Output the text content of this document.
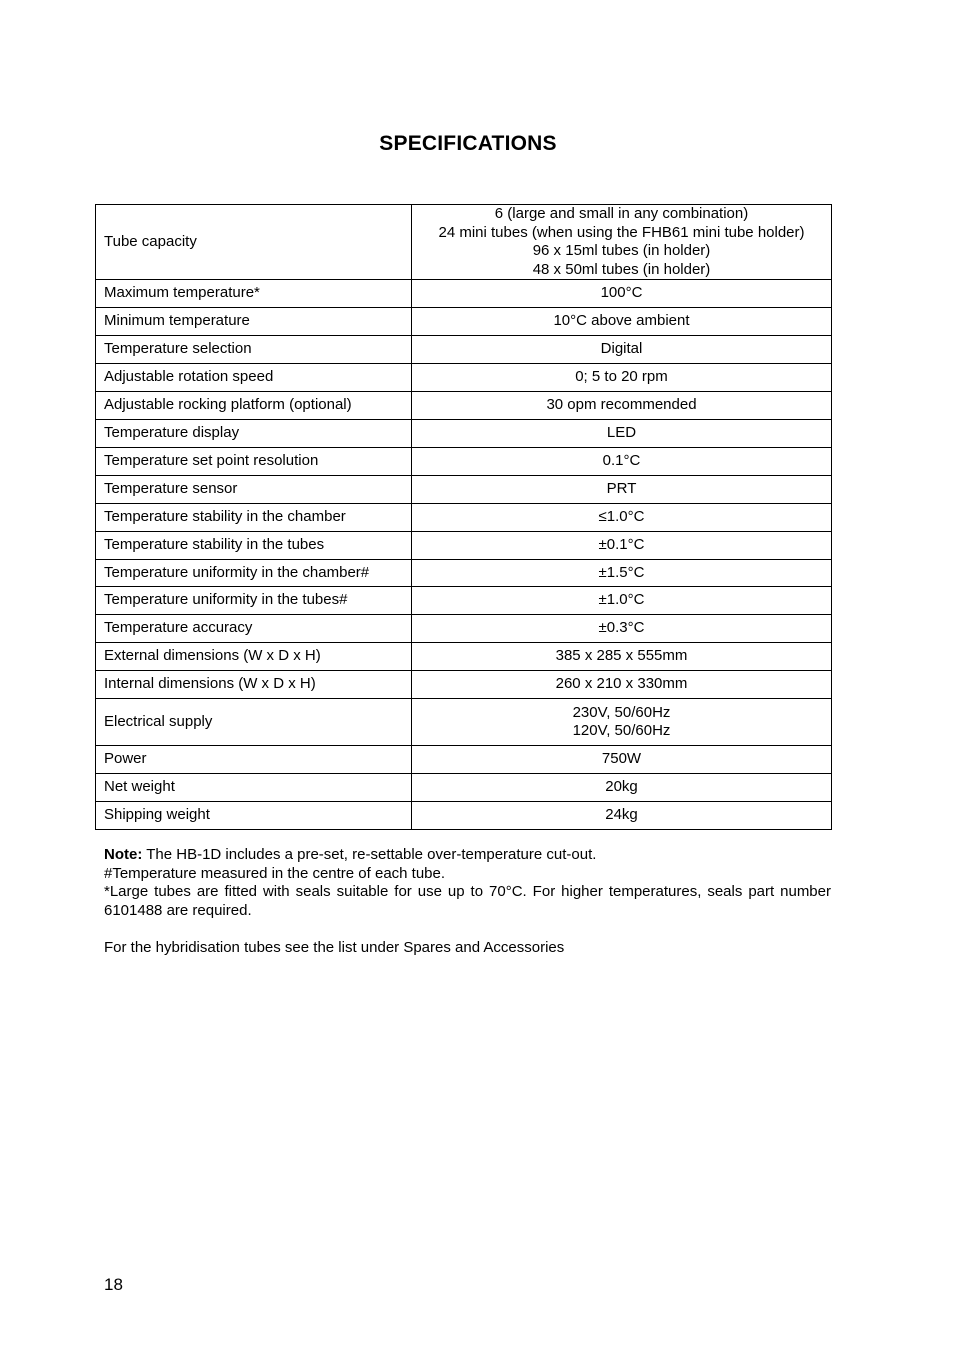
SPECIFICATIONS
Tube capacity	6 (large and small in any combination)
24 mini tubes (when using the FHB61 mini tube holder)
96 x 15ml tubes (in holder)
48 x 50ml tubes (in holder)

Maximum temperature*	100°C

Minimum temperature	10°C above ambient

Temperature selection	Digital

Adjustable rotation speed	0; 5 to 20 rpm

Adjustable rocking platform (optional)	30 opm recommended

Temperature display	LED

Temperature set point resolution	0.1°C

Temperature sensor	PRT

Temperature stability in the chamber	≤1.0°C

Temperature stability in the tubes	±0.1°C

Temperature uniformity in the chamber#	±1.5°C

Temperature uniformity in the tubes#	±1.0°C

Temperature accuracy	±0.3°C

External dimensions (W x D x H)	385 x 285 x 555mm

Internal dimensions (W x D x H)	260 x 210 x 330mm

Electrical supply	230V, 50/60Hz
120V, 50/60Hz

Power	750W

Net weight	20kg

Shipping weight	24kg

Note: The HB-1D includes a pre-set, re-settable over-temperature cut-out.

#Temperature measured in the centre of each tube.

*Large tubes are fitted with seals suitable for use up to 70°C. For higher temperatures, seals part number 6101488 are required.

For the hybridisation tubes see the list under Spares and Accessories

18
